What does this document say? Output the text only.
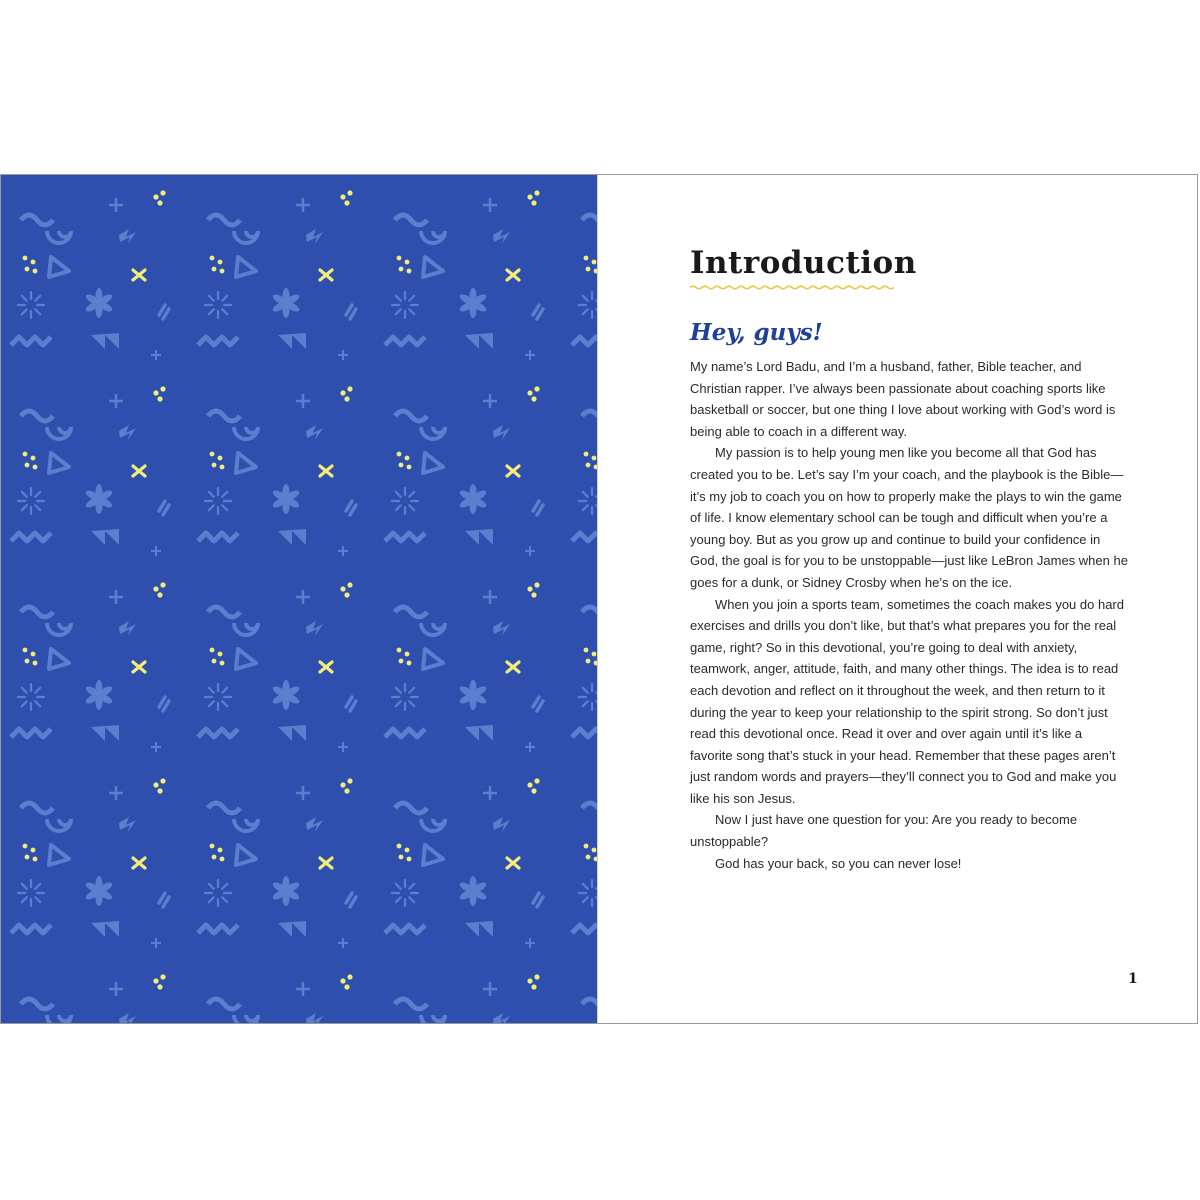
Introduction
Hey, guys!

My name’s Lord Badu, and I’m a husband, father, Bible teacher, and Christian rapper. I’ve always been passionate about coaching sports like basketball or soccer, but one thing I love about working with God’s word is being able to coach in a different way.

My passion is to help young men like you become all that God has created you to be. Let’s say I’m your coach, and the playbook is the Bible—it’s my job to coach you on how to properly make the plays to win the game of life. I know elementary school can be tough and difficult when you’re a young boy. But as you grow up and continue to build your confidence in God, the goal is for you to be unstoppable—just like LeBron James when he goes for a dunk, or Sidney Crosby when he’s on the ice.

When you join a sports team, sometimes the coach makes you do hard exercises and drills you don’t like, but that’s what prepares you for the real game, right? So in this devotional, you’re going to deal with anxiety, teamwork, anger, attitude, faith, and many other things. The idea is to read each devotion and reflect on it throughout the week, and then return to it during the year to keep your relationship to the spirit strong. So don’t just read this devotional once. Read it over and over again until it’s like a favorite song that’s stuck in your head. Remember that these pages aren’t just random words and prayers—they’ll connect you to God and make you like his son Jesus.

Now I just have one question for you: Are you ready to become unstoppable?

God has your back, so you can never lose!

1
